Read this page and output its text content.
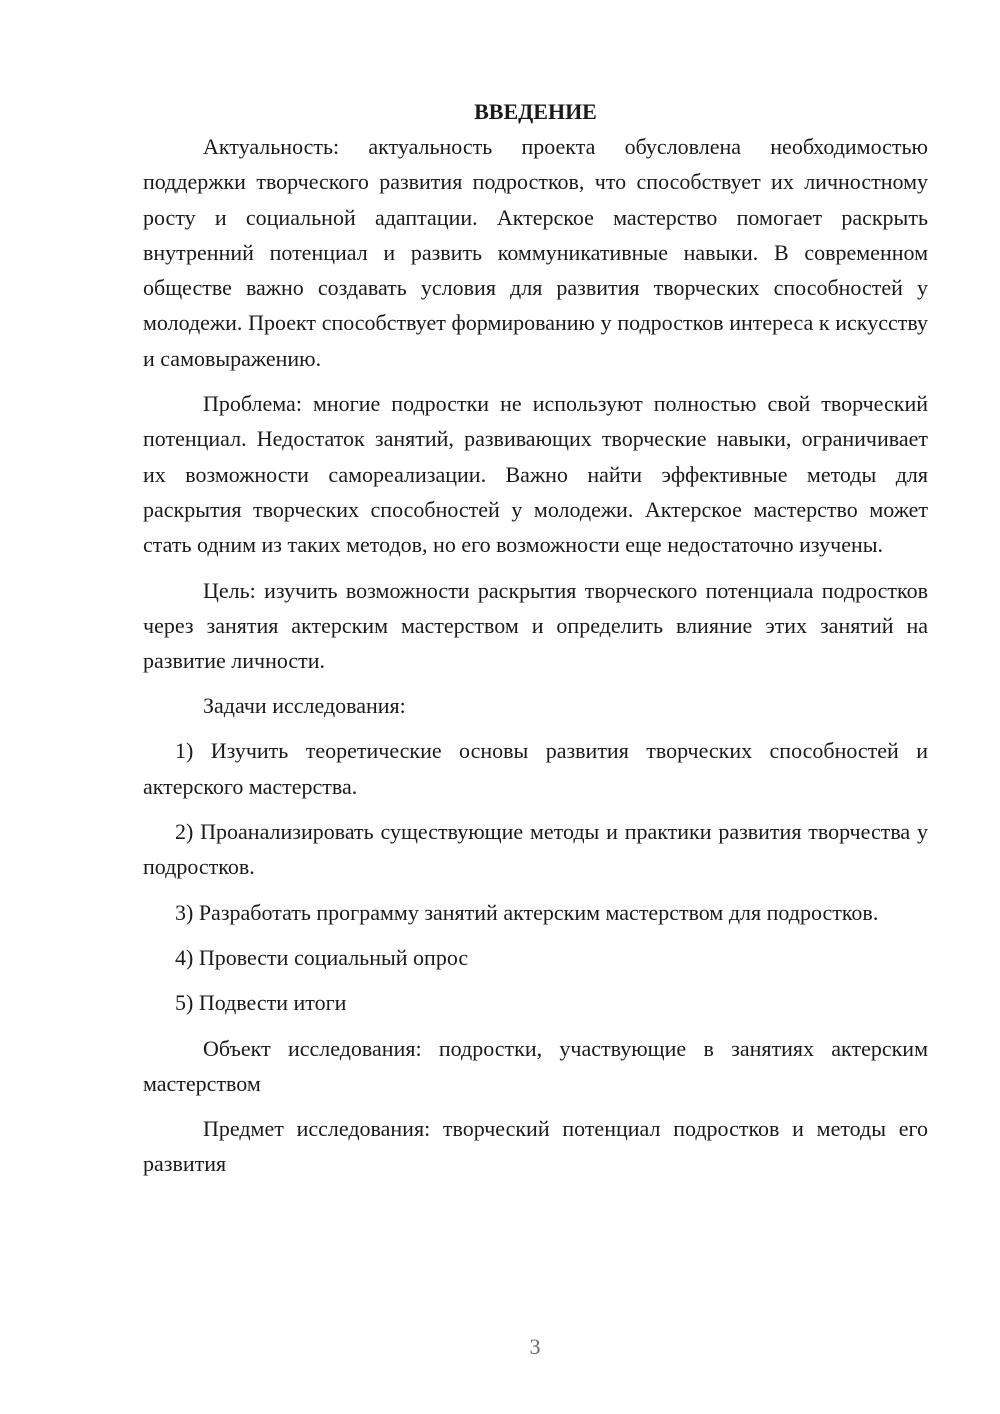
ВВЕДЕНИЕ

Актуальность: актуальность проекта обусловлена необходимостью поддержки творческого развития подростков, что способствует их личностному росту и социальной адаптации. Актерское мастерство помогает раскрыть внутренний потенциал и развить коммуникативные навыки. В современном обществе важно создавать условия для развития творческих способностей у молодежи. Проект способствует формированию у подростков интереса к искусству и самовыражению.

Проблема: многие подростки не используют полностью свой творческий потенциал. Недостаток занятий, развивающих творческие навыки, ограничивает их возможности самореализации. Важно найти эффективные методы для раскрытия творческих способностей у молодежи. Актерское мастерство может стать одним из таких методов, но его возможности еще недостаточно изучены.

Цель: изучить возможности раскрытия творческого потенциала подростков через занятия актерским мастерством и определить влияние этих занятий на развитие личности.

Задачи исследования:

1) Изучить теоретические основы развития творческих способностей и актерского мастерства.

2) Проанализировать существующие методы и практики развития творчества у подростков.

3) Разработать программу занятий актерским мастерством для подростков.

4) Провести социальный опрос

5) Подвести итоги

Объект исследования: подростки, участвующие в занятиях актерским мастерством

Предмет исследования: творческий потенциал подростков и методы его развития

3
